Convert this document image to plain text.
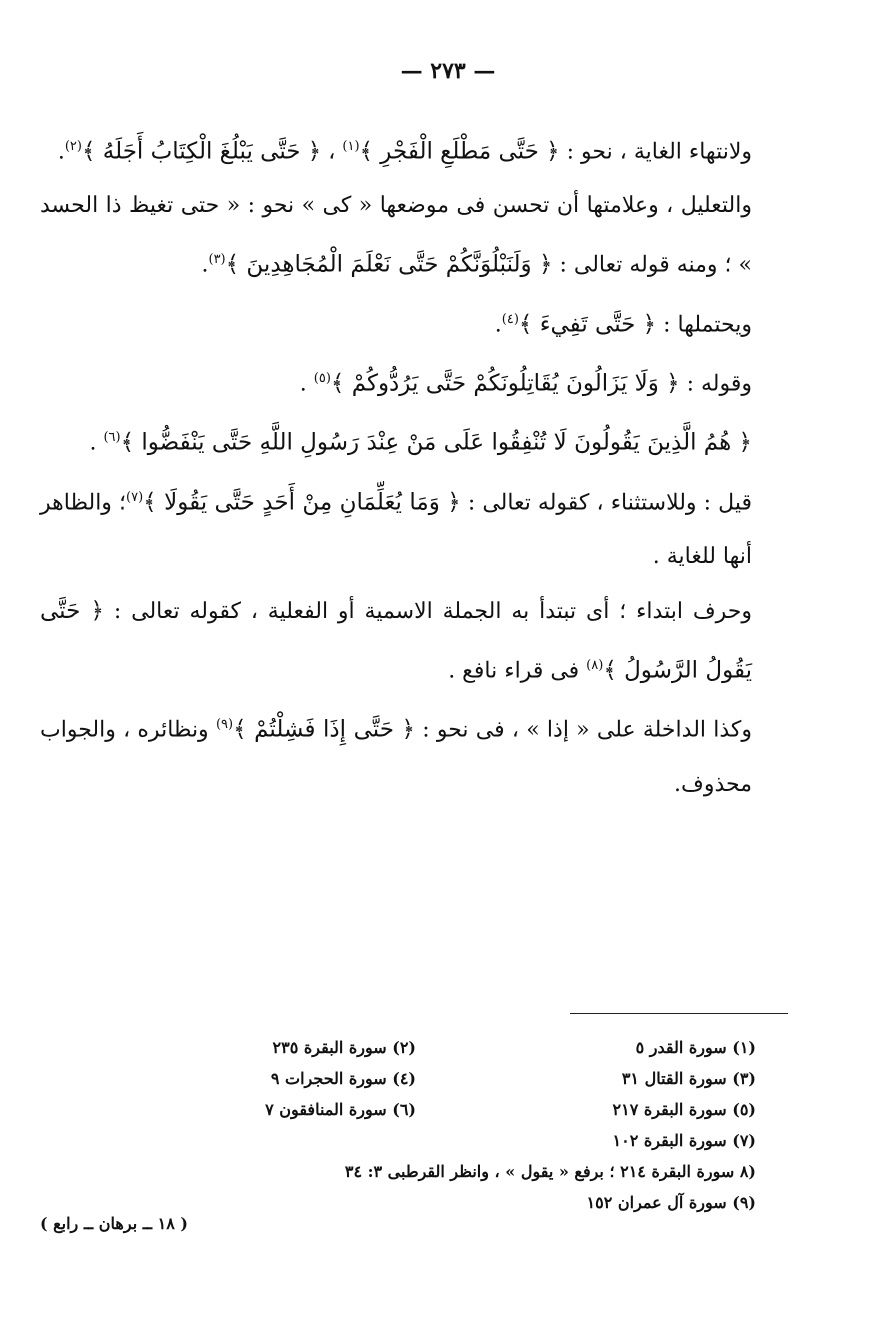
— ٢٧٣ —

ولانتهاء الغاية ، نحو : ﴿ حَتَّى مَطْلَعِ الْفَجْرِ ﴾$^{(١)}$ ، ﴿ حَتَّى يَبْلُغَ الْكِتَابُ أَجَلَهُ ﴾$^{(٢)}$.

والتعليل ، وعلامتها أن تحسن فى موضعها « كى » نحو : « حتى تغيظ ذا الحسد » ؛ ومنه قوله تعالى : ﴿ وَلَنَبْلُوَنَّكُمْ حَتَّى نَعْلَمَ الْمُجَاهِدِينَ ﴾$^{(٣)}$.

ويحتملها : ﴿ حَتَّى تَفِيءَ ﴾$^{(٤)}$.

وقوله : ﴿ وَلَا يَزَالُونَ يُقَاتِلُونَكُمْ حَتَّى يَرُدُّوكُمْ ﴾$^{(٥)}$ .

﴿ هُمُ الَّذِينَ يَقُولُونَ لَا تُنْفِقُوا عَلَى مَنْ عِنْدَ رَسُولِ اللَّهِ حَتَّى يَنْفَضُّوا ﴾$^{(٦)}$ .

قيل : وللاستثناء ، كقوله تعالى : ﴿ وَمَا يُعَلِّمَانِ مِنْ أَحَدٍ حَتَّى يَقُولَا ﴾$^{(٧)}$؛ والظاهر أنها للغاية .

وحرف ابتداء ؛ أى تبتدأ به الجملة الاسمية أو الفعلية ، كقوله تعالى : ﴿ حَتَّى يَقُولُ الرَّسُولُ ﴾$^{(٨)}$ فى قراء نافع .

وكذا الداخلة على « إذا » ، فى نحو : ﴿ حَتَّى إِذَا فَشِلْتُمْ ﴾$^{(٩)}$ ونظائره ، والجواب محذوف.

(١) سورة القدر ٥
(٢) سورة البقرة ٢٣٥
(٣) سورة القتال ٣١
(٤) سورة الحجرات ٩
(٥) سورة البقرة ٢١٧
(٦) سورة المنافقون ٧
(٧) سورة البقرة ١٠٢
(٨ سورة البقرة ٢١٤ ؛ برفع « يقول » ، وانظر القرطبى ٣: ٣٤
(٩) سورة آل عمران ١٥٢
( ١٨ ــ برهان ــ رابع )
